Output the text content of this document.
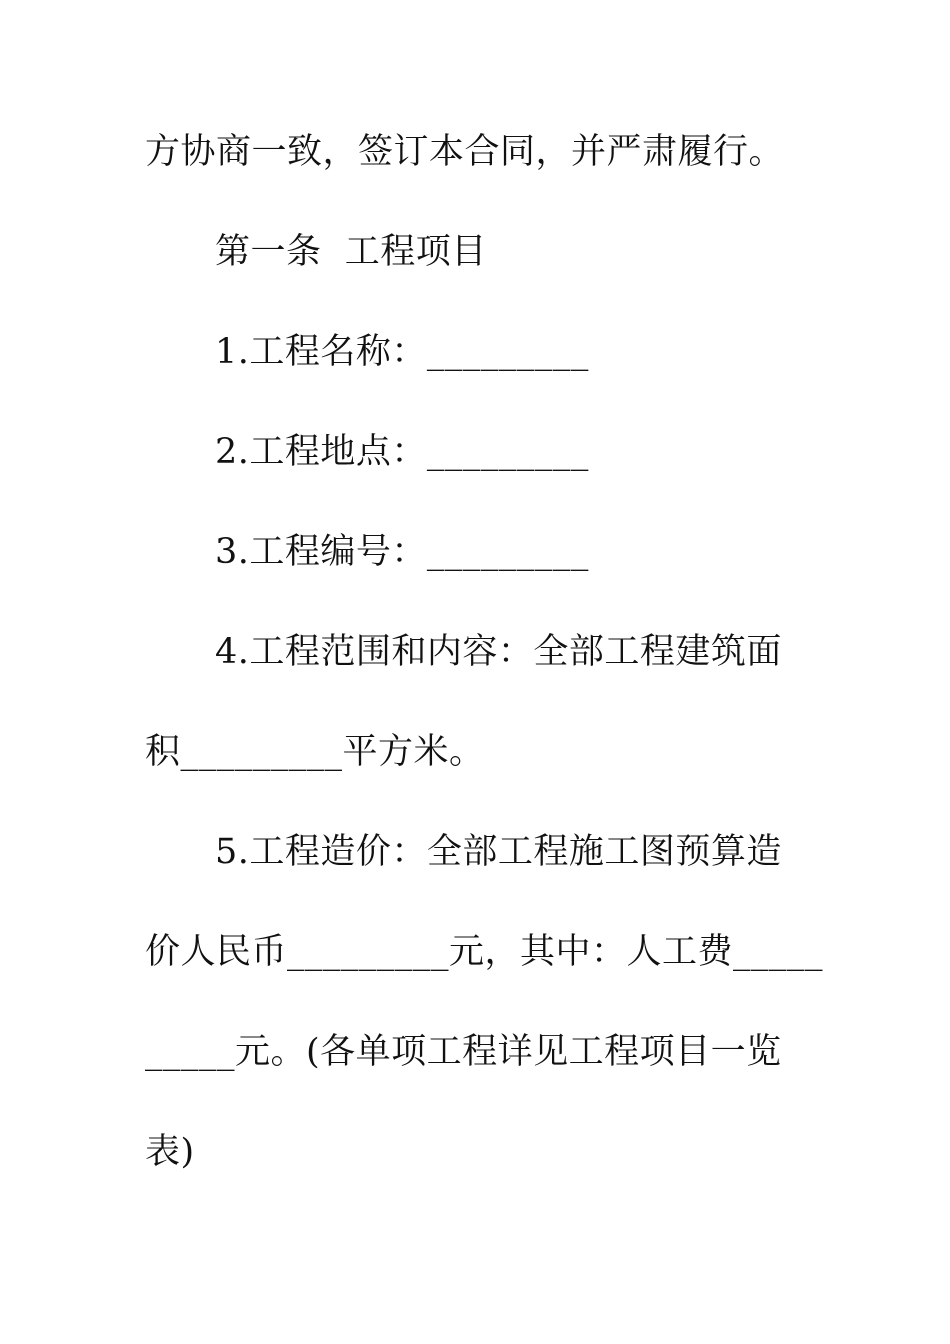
方协商一致，签订本合同，并严肃履行。

第一条  工程项目

1.工程名称：_________

2.工程地点：_________

3.工程编号：_________

4.工程范围和内容：全部工程建筑面

积_________平方米。

5.工程造价：全部工程施工图预算造

价人民币_________元，其中：人工费_____

_____元。(各单项工程详见工程项目一览

表)
